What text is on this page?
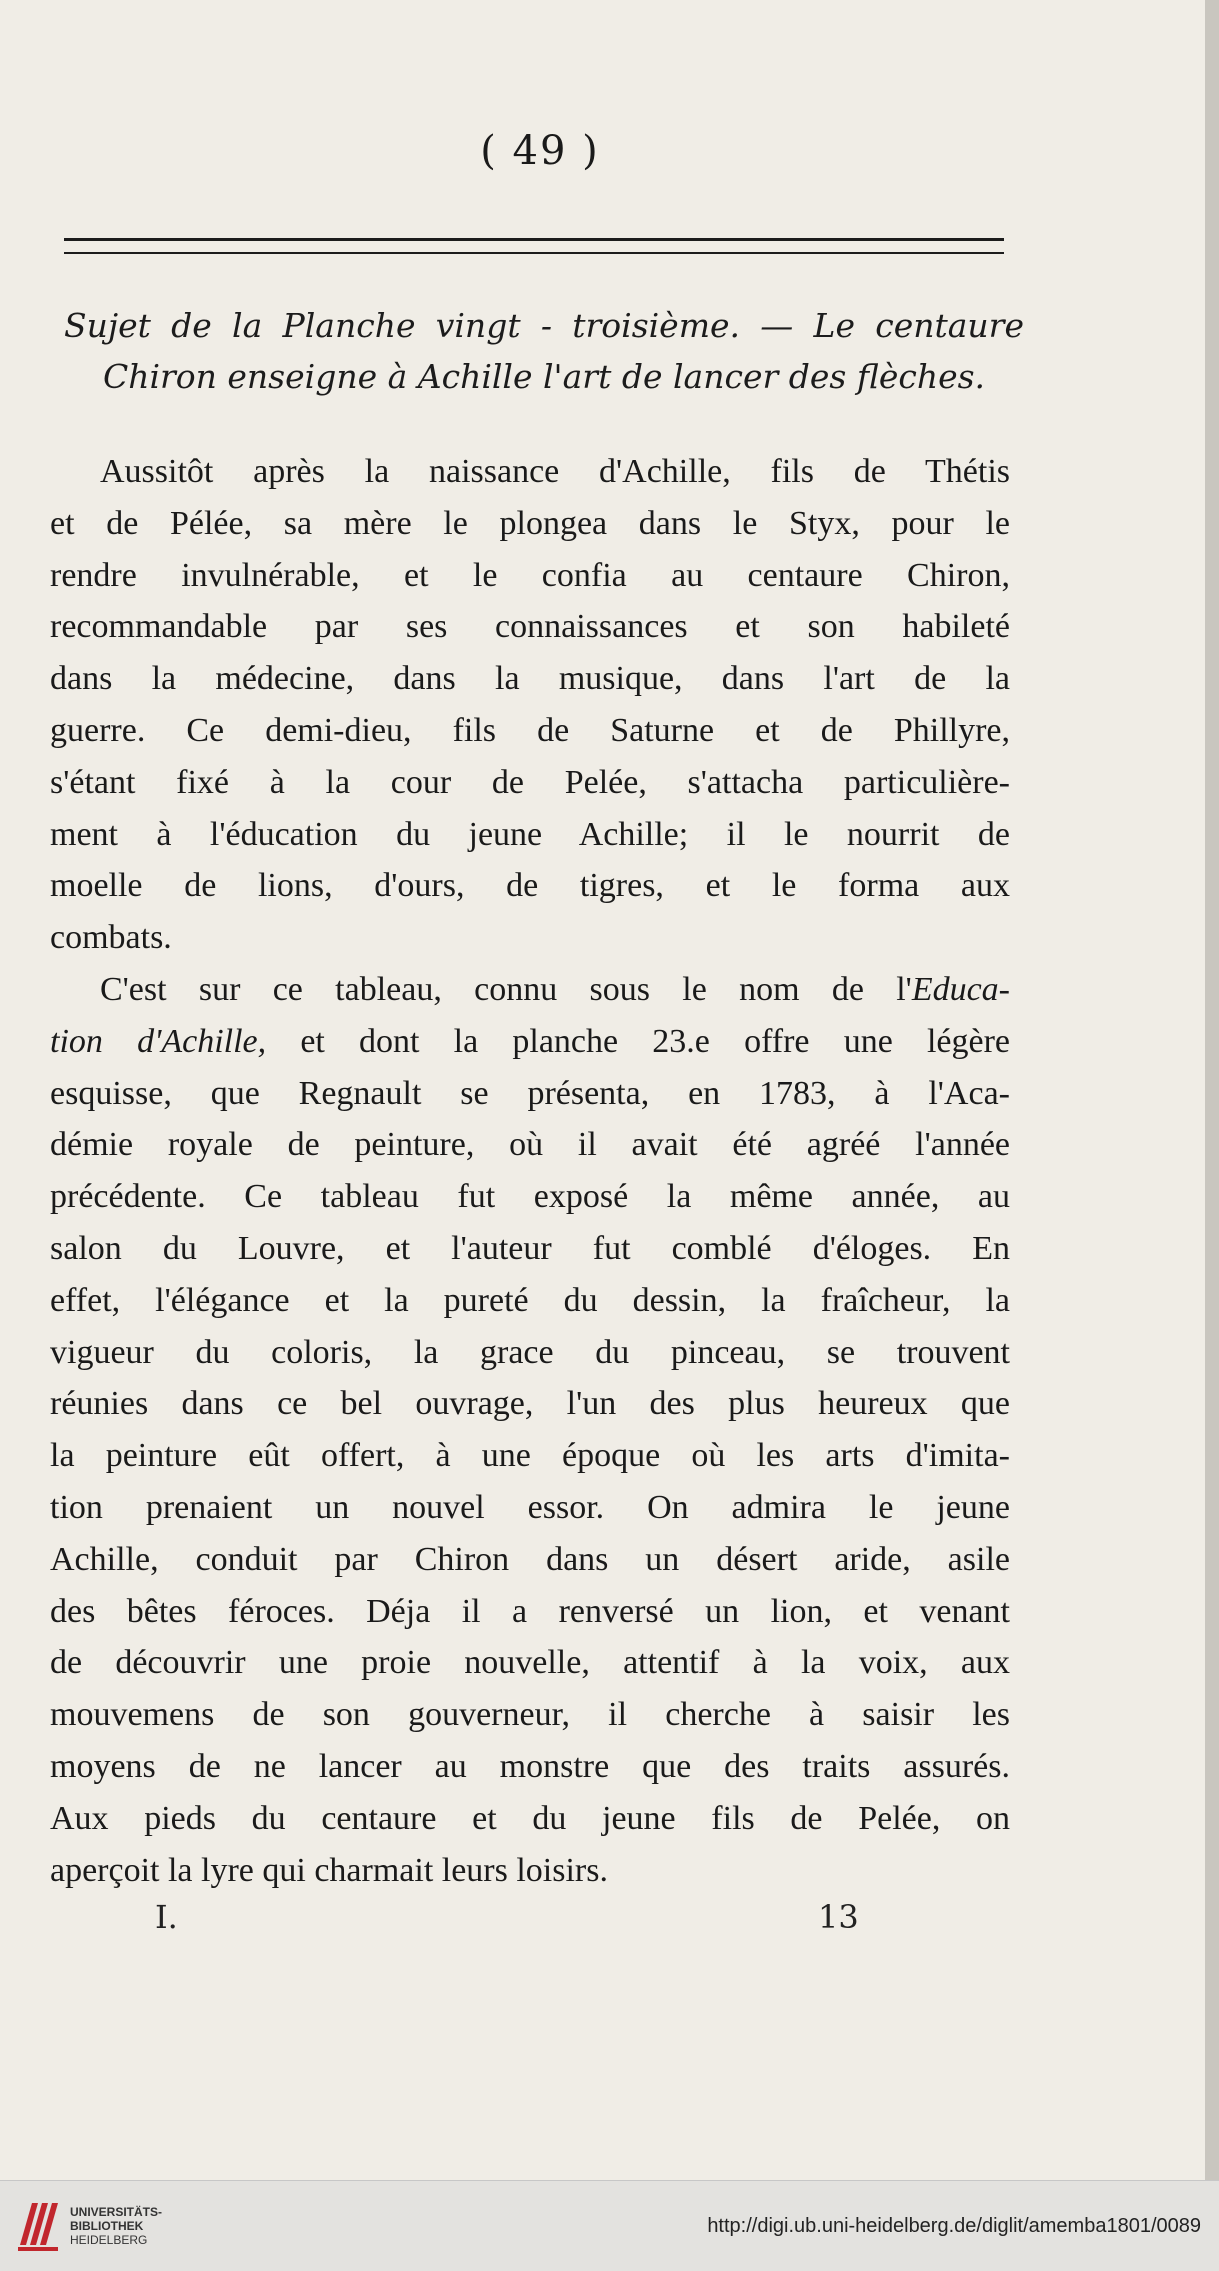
( 49 )

Sujet de la Planche vingt - troisième. — Le centaure
Chiron enseigne à Achille l'art de lancer des flèches.

Aussitôt après la naissance d'Achille, fils de Thétis
et de Pélée, sa mère le plongea dans le Styx, pour le
rendre invulnérable, et le confia au centaure Chiron,
recommandable par ses connaissances et son habileté
dans la médecine, dans la musique, dans l'art de la
guerre. Ce demi-dieu, fils de Saturne et de Phillyre,
s'étant fixé à la cour de Pelée, s'attacha particulière-
ment à l'éducation du jeune Achille; il le nourrit de
moelle de lions, d'ours, de tigres, et le forma aux
combats.
C'est sur ce tableau, connu sous le nom de l'Educa-
tion d'Achille, et dont la planche 23.e offre une légère
esquisse, que Regnault se présenta, en 1783, à l'Aca-
démie royale de peinture, où il avait été agréé l'année
précédente. Ce tableau fut exposé la même année, au
salon du Louvre, et l'auteur fut comblé d'éloges. En
effet, l'élégance et la pureté du dessin, la fraîcheur, la
vigueur du coloris, la grace du pinceau, se trouvent
réunies dans ce bel ouvrage, l'un des plus heureux que
la peinture eût offert, à une époque où les arts d'imita-
tion prenaient un nouvel essor. On admira le jeune
Achille, conduit par Chiron dans un désert aride, asile
des bêtes féroces. Déja il a renversé un lion, et venant
de découvrir une proie nouvelle, attentif à la voix, aux
mouvemens de son gouverneur, il cherche à saisir les
moyens de ne lancer au monstre que des traits assurés.
Aux pieds du centaure et du jeune fils de Pelée, on
aperçoit la lyre qui charmait leurs loisirs.
I.	13
UNIVERSITÄTS-
BIBLIOTHEK
HEIDELBERG
http://digi.ub.uni-heidelberg.de/diglit/amemba1801/0089
